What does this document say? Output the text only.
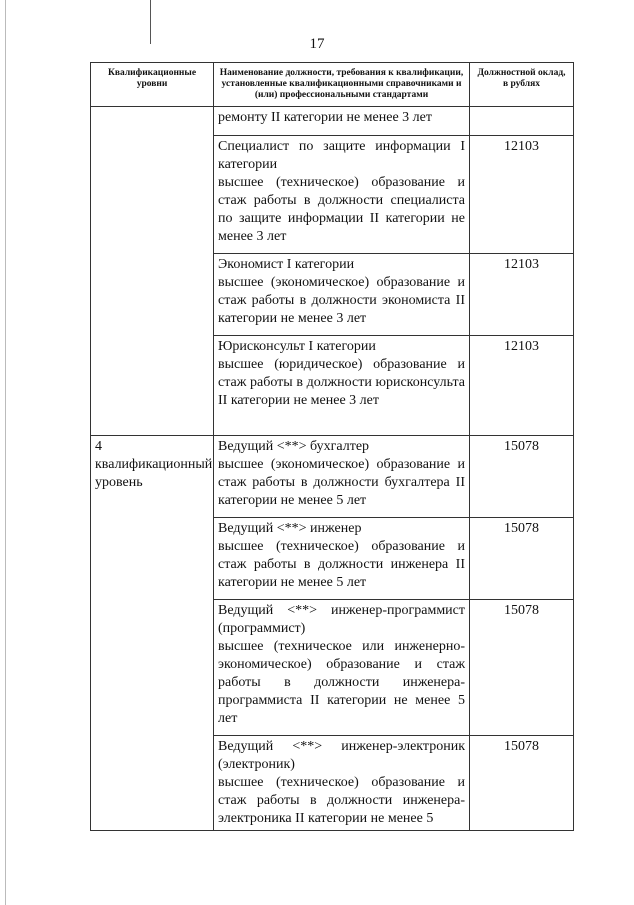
17
Квалификационные уровни	Наименование должности, требования к квалификации, установленные квалификационными справочниками и (или) профессиональными стандартами	Должностной оклад, в рублях

	ремонту II категории не менее 3 лет	

	Специалист по защите информации I категории
высшее (техническое) образование и стаж работы в должности специалиста по защите информации II категории не менее 3 лет	12103

	Экономист I категории
высшее (экономическое) образование и стаж работы в должности экономиста II категории не менее 3 лет	12103

	Юрисконсульт I категории
высшее (юридическое) образование и стаж работы в должности юрисконсульта II категории не менее 3 лет	12103
4
квалификационный уровень	Ведущий <**> бухгалтер
высшее (экономическое) образование и стаж работы в должности бухгалтера II категории не менее 5 лет	15078

	Ведущий <**> инженер
высшее (техническое) образование и стаж работы в должности инженера II категории не менее 5 лет	15078

	Ведущий <**> инженер-программист (программист)
высшее (техническое или инженерно-экономическое) образование и стаж работы в должности инженера-программиста II категории не менее 5 лет	15078

	Ведущий <**> инженер-электроник (электроник)
высшее (техническое) образование и стаж работы в должности инженера-электроника II категории не менее 5	15078
